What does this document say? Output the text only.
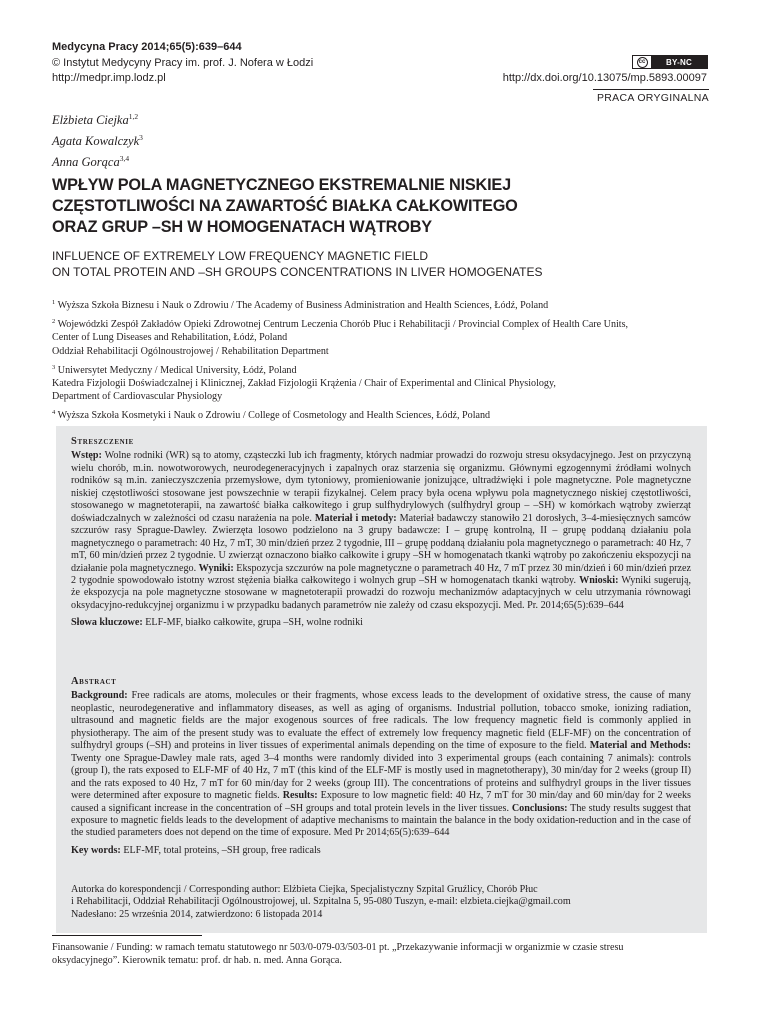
Medycyna Pracy 2014;65(5):639–644
© Instytut Medycyny Pracy im. prof. J. Nofera w Łodzi
http://medpr.imp.lodz.pl
cc	BY-NC
http://dx.doi.org/10.13075/mp.5893.00097
PRACA ORYGINALNA
Elżbieta Ciejka$^{1,2}$
Agata Kowalczyk$^3$
Anna Gorąca$^{3,4}$
WPŁYW POLA MAGNETYCZNEGO EKSTREMALNIE NISKIEJ
CZĘSTOTLIWOŚCI NA ZAWARTOŚĆ BIAŁKA CAŁKOWITEGO
ORAZ GRUP –SH W HOMOGENATACH WĄTROBY
INFLUENCE OF EXTREMELY LOW FREQUENCY MAGNETIC FIELD
ON TOTAL PROTEIN AND –SH GROUPS CONCENTRATIONS IN LIVER HOMOGENATES
$^1$ Wyższa Szkoła Biznesu i Nauk o Zdrowiu / The Academy of Business Administration and Health Sciences, Łódź, Poland
$^2$ Wojewódzki Zespół Zakładów Opieki Zdrowotnej Centrum Leczenia Chorób Płuc i Rehabilitacji / Provincial Complex of Health Care Units,
Center of Lung Diseases and Rehabilitation, Łódź, Poland
Oddział Rehabilitacji Ogólnoustrojowej / Rehabilitation Department
$^3$ Uniwersytet Medyczny / Medical University, Łódź, Poland
Katedra Fizjologii Doświadczalnej i Klinicznej, Zakład Fizjologii Krążenia / Chair of Experimental and Clinical Physiology,
Department of Cardiovascular Physiology
$^4$ Wyższa Szkoła Kosmetyki i Nauk o Zdrowiu / College of Cosmetology and Health Sciences, Łódź, Poland
Streszczenie
Wstęp: Wolne rodniki (WR) są to atomy, cząsteczki lub ich fragmenty, których nadmiar prowadzi do rozwoju stresu oksydacyjnego. Jest on przyczyną wielu chorób, m.in. nowotworowych, neurodegeneracyjnych i zapalnych oraz starzenia się organizmu. Głównymi egzogennymi źródłami wolnych rodników są m.in. zanieczyszczenia przemysłowe, dym tytoniowy, promieniowanie jonizujące, ultradźwięki i pole magnetyczne. Pole magnetyczne niskiej częstotliwości stosowane jest powszechnie w terapii fizykalnej. Celem pracy była ocena wpływu pola magnetycznego niskiej częstotliwości, stosowanego w magnetoterapii, na zawartość białka całkowitego i grup sulfhydrylowych (sulfhydryl group – –SH) w komórkach wątroby zwierząt doświadczalnych w zależności od czasu narażenia na pole. Materiał i metody: Materiał badawczy stanowiło 21 dorosłych, 3–4-miesięcznych samców szczurów rasy Sprague-Dawley. Zwierzęta losowo podzielono na 3 grupy badawcze: I – grupę kontrolną, II – grupę poddaną działaniu pola magnetycznego o parametrach: 40 Hz, 7 mT, 30 min/dzień przez 2 tygodnie, III – grupę poddaną działaniu pola magnetycznego o parametrach: 40 Hz, 7 mT, 60 min/dzień przez 2 tygodnie. U zwierząt oznaczono białko całkowite i grupy –SH w homogenatach tkanki wątroby po zakończeniu ekspozycji na działanie pola magnetycznego. Wyniki: Ekspozycja szczurów na pole magnetyczne o parametrach 40 Hz, 7 mT przez 30 min/dzień i 60 min/dzień przez 2 tygodnie spowodowało istotny wzrost stężenia białka całkowitego i wolnych grup –SH w homogenatach tkanki wątroby. Wnioski: Wyniki sugerują, że ekspozycja na pole magnetyczne stosowane w magnetoterapii prowadzi do rozwoju mechanizmów adaptacyjnych w celu utrzymania równowagi oksydacyjno-redukcyjnej organizmu i w przypadku badanych parametrów nie zależy od czasu ekspozycji. Med. Pr. 2014;65(5):639–644
Słowa kluczowe: ELF-MF, białko całkowite, grupa –SH, wolne rodniki
Abstract
Background: Free radicals are atoms, molecules or their fragments, whose excess leads to the development of oxidative stress, the cause of many neoplastic, neurodegenerative and inflammatory diseases, as well as aging of organisms. Industrial pollution, tobacco smoke, ionizing radiation, ultrasound and magnetic fields are the major exogenous sources of free radicals. The low frequency magnetic field is commonly applied in physiotherapy. The aim of the present study was to evaluate the effect of extremely low frequency magnetic field (ELF-MF) on the concentration of sulfhydryl groups (–SH) and proteins in liver tissues of experimental animals depending on the time of exposure to the field. Material and Methods: Twenty one Sprague-Dawley male rats, aged 3–4 months were randomly divided into 3 experimental groups (each containing 7 animals): controls (group I), the rats exposed to ELF-MF of 40 Hz, 7 mT (this kind of the ELF-MF is mostly used in magnetotherapy), 30 min/day for 2 weeks (group II) and the rats exposed to 40 Hz, 7 mT for 60 min/day for 2 weeks (group III). The concentrations of proteins and sulfhydryl groups in the liver tissues were determined after exposure to magnetic fields. Results: Exposure to low magnetic field: 40 Hz, 7 mT for 30 min/day and 60 min/day for 2 weeks caused a significant increase in the concentration of –SH groups and total protein levels in the liver tissues. Conclusions: The study results suggest that exposure to magnetic fields leads to the development of adaptive mechanisms to maintain the balance in the body oxidation-reduction and in the case of the studied parameters does not depend on the time of exposure. Med Pr 2014;65(5):639–644
Key words: ELF-MF, total proteins, –SH group, free radicals
Autorka do korespondencji / Corresponding author: Elżbieta Ciejka, Specjalistyczny Szpital Gruźlicy, Chorób Płuc
i Rehabilitacji, Oddział Rehabilitacji Ogólnoustrojowej, ul. Szpitalna 5, 95-080 Tuszyn, e-mail: elzbieta.ciejka@gmail.com
Nadesłano: 25 września 2014, zatwierdzono: 6 listopada 2014
Finansowanie / Funding: w ramach tematu statutowego nr 503/0-079-03/503-01 pt. „Przekazywanie informacji w organizmie w czasie stresu
oksydacyjnego”. Kierownik tematu: prof. dr hab. n. med. Anna Gorąca.
